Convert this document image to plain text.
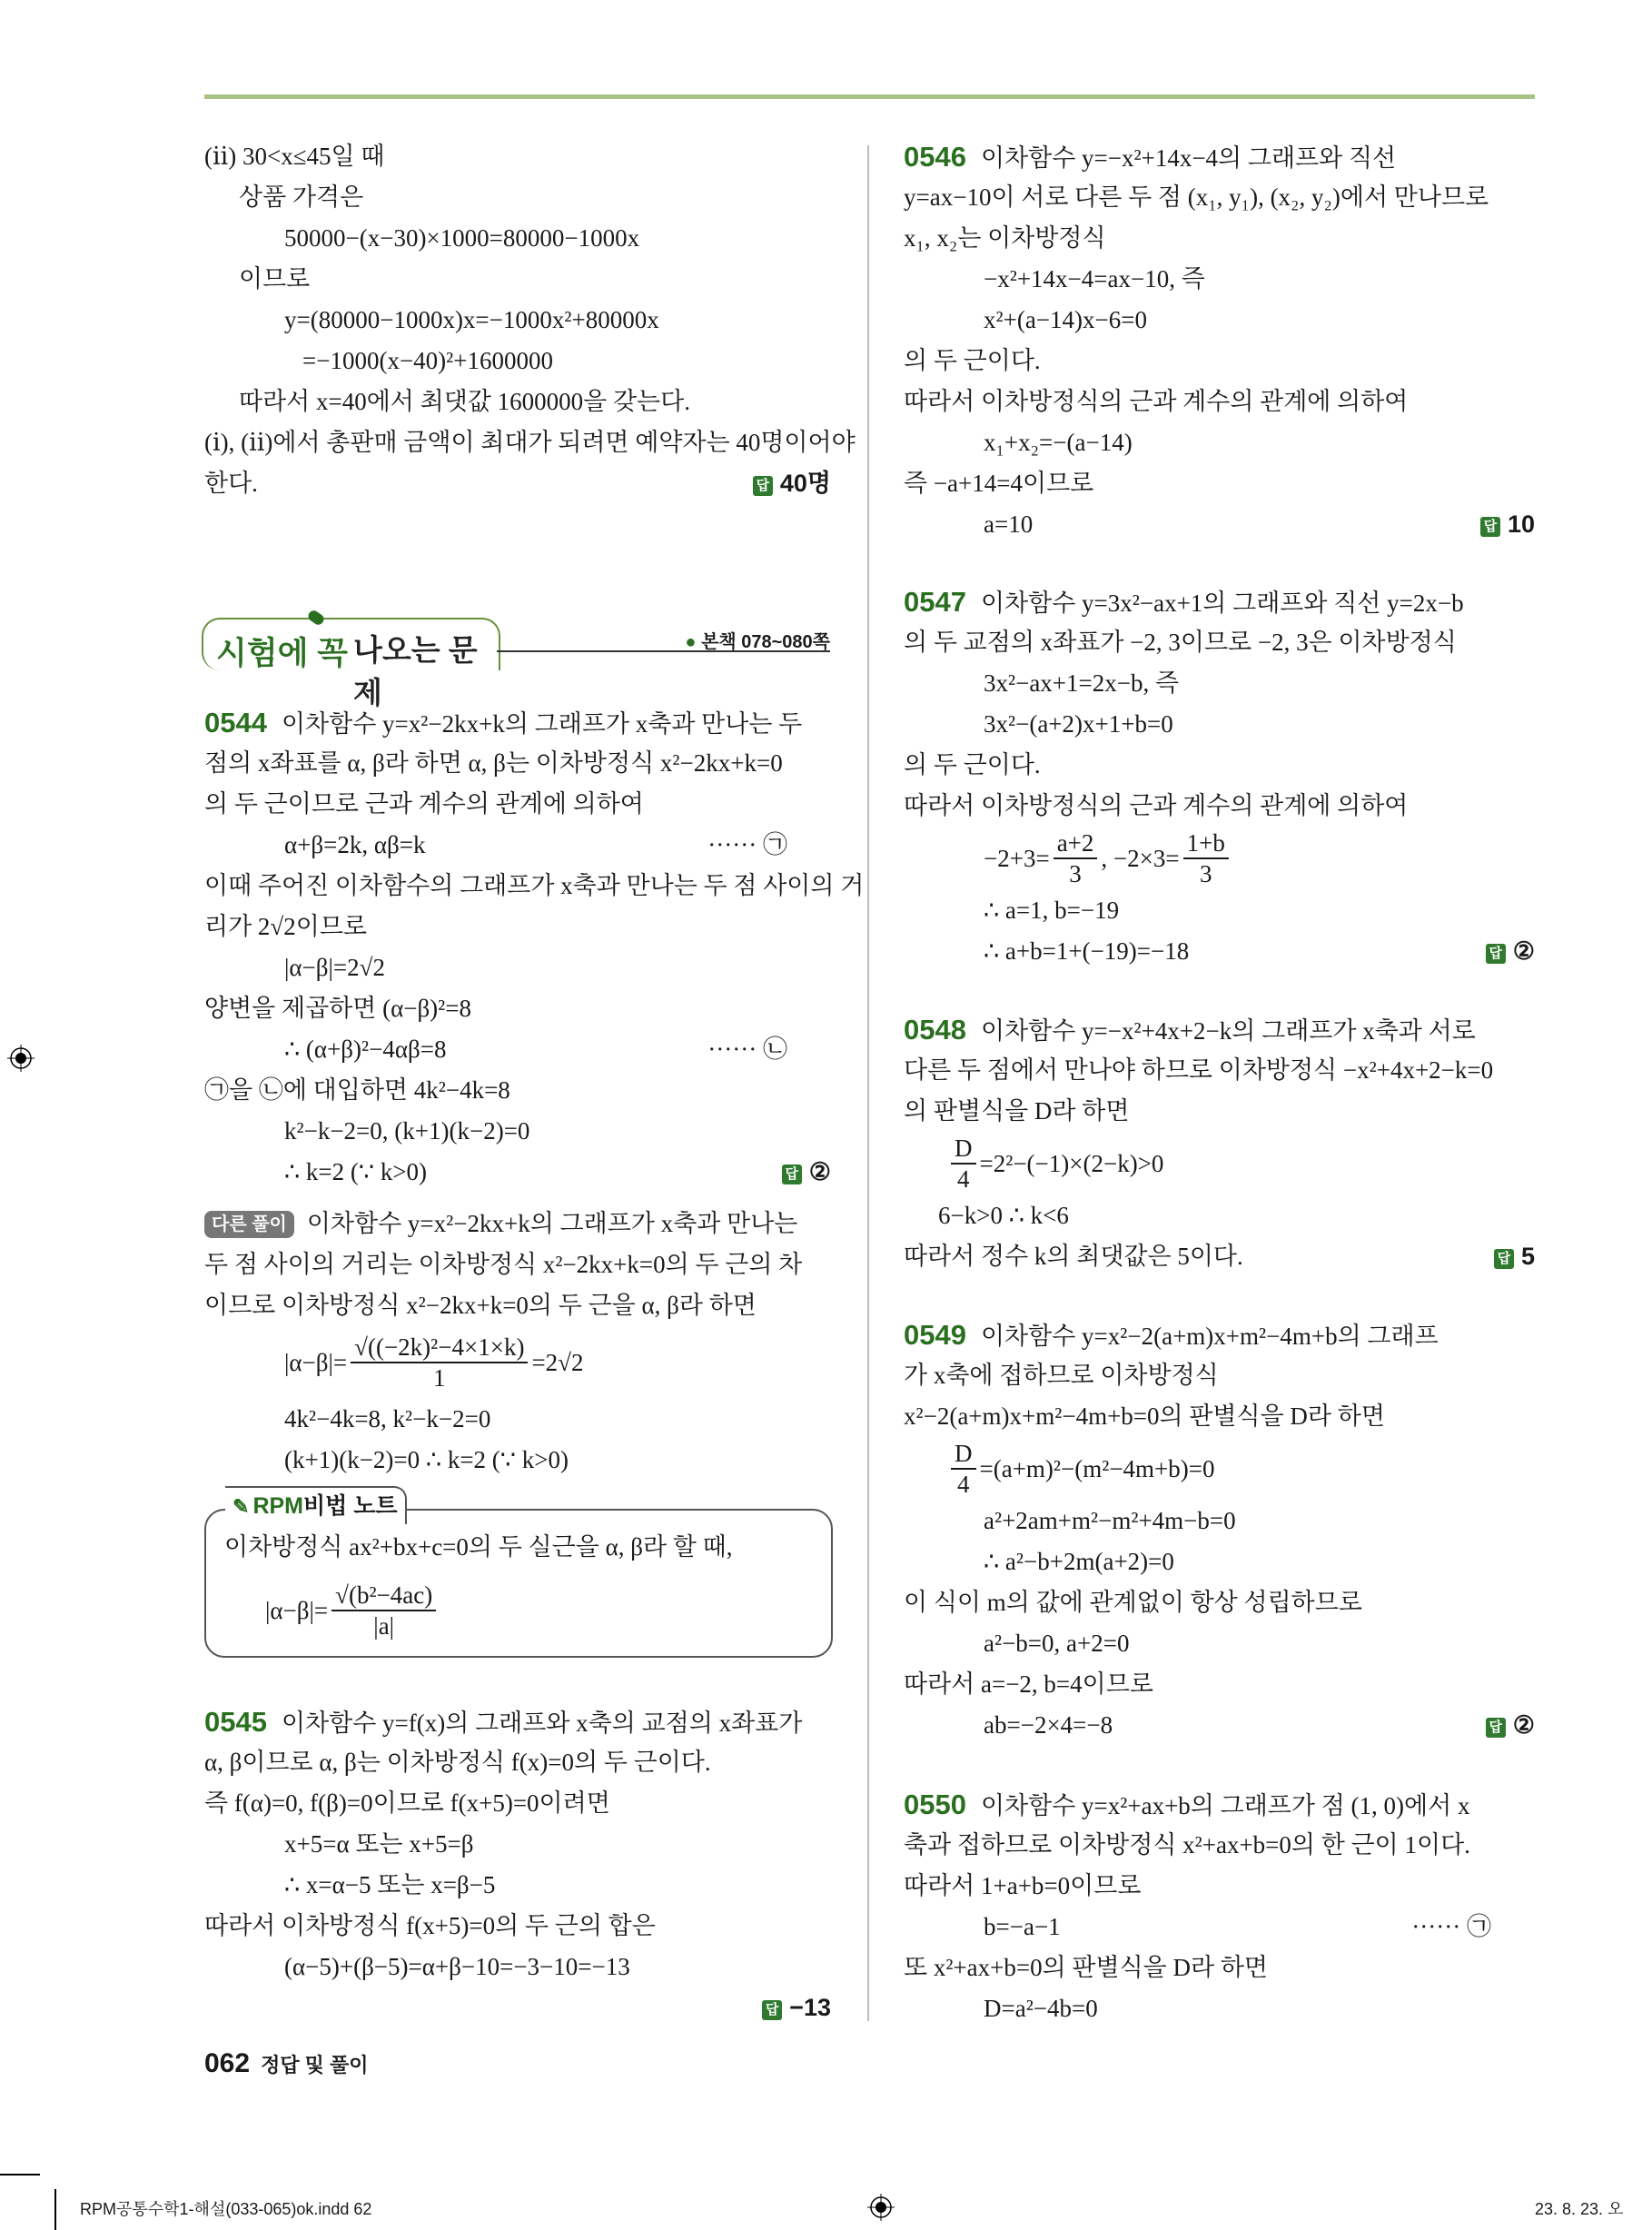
(ⅱ) 30<x≤45일 때
상품 가격은
50000−(x−30)×1000=80000−1000x
이므로
y=(80000−1000x)x=−1000x²+80000x
=−1000(x−40)²+1600000
따라서 x=40에서 최댓값 1600000을 갖는다.
(ⅰ), (ⅱ)에서 총판매 금액이 최대가 되려면 예약자는 40명이어야
한다.	답 40명
시험에 꼭 나오는 문제
● 본책 078~080쪽
0544 이차함수 y=x²−2kx+k의 그래프가 x축과 만나는 두
점의 x좌표를 α, β라 하면 α, β는 이차방정식 x²−2kx+k=0
의 두 근이므로 근과 계수의 관계에 의하여
α+β=2k, αβ=k	······ ㉠
이때 주어진 이차함수의 그래프가 x축과 만나는 두 점 사이의 거
리가 2√2이므로
|α−β|=2√2
양변을 제곱하면 (α−β)²=8
∴ (α+β)²−4αβ=8	······ ㉡
㉠을 ㉡에 대입하면 4k²−4k=8
k²−k−2=0, (k+1)(k−2)=0
∴ k=2 (∵ k>0)	답 ②
다른 풀이 이차함수 y=x²−2kx+k의 그래프가 x축과 만나는
두 점 사이의 거리는 이차방정식 x²−2kx+k=0의 두 근의 차
이므로 이차방정식 x²−2kx+k=0의 두 근을 α, β라 하면
$|\alpha-\beta|= \frac{\text{√((−2k)²−4×1×k)}}{1} =2√2$
4k²−4k=8, k²−k−2=0
(k+1)(k−2)=0 ∴ k=2 (∵ k>0)
이차방정식 ax²+bx+c=0의 두 실근을 α, β라 할 때,
$|\alpha-\beta|= \frac{\text{√(b²−4ac)}}{|a|}$
✎ RPM비법 노트
0545 이차함수 y=f(x)의 그래프와 x축의 교점의 x좌표가
α, β이므로 α, β는 이차방정식 f(x)=0의 두 근이다.
즉 f(α)=0, f(β)=0이므로 f(x+5)=0이려면
x+5=α 또는 x+5=β
∴ x=α−5 또는 x=β−5
따라서 이차방정식 f(x+5)=0의 두 근의 합은
(α−5)+(β−5)=α+β−10=−3−10=−13
답 −13
0546 이차함수 y=−x²+14x−4의 그래프와 직선
y=ax−10이 서로 다른 두 점 (x₁, y₁), (x₂, y₂)에서 만나므로
x₁, x₂는 이차방정식
−x²+14x−4=ax−10, 즉
x²+(a−14)x−6=0
의 두 근이다.
따라서 이차방정식의 근과 계수의 관계에 의하여
x₁+x₂=−(a−14)
즉 −a+14=4이므로
a=10	답 10
0547 이차함수 y=3x²−ax+1의 그래프와 직선 y=2x−b
의 두 교점의 x좌표가 −2, 3이므로 −2, 3은 이차방정식
3x²−ax+1=2x−b, 즉
3x²−(a+2)x+1+b=0
의 두 근이다.
따라서 이차방정식의 근과 계수의 관계에 의하여
$-2+3= \frac{a+2}{3}$ , $-2\times 3= \frac{1+b}{3}$
∴ a=1, b=−19
∴ a+b=1+(−19)=−18	답 ②
0548 이차함수 y=−x²+4x+2−k의 그래프가 x축과 서로
다른 두 점에서 만나야 하므로 이차방정식 −x²+4x+2−k=0
의 판별식을 D라 하면
$\frac{D}{4} =2^2-(-1)\times(2-k)>0$
6−k>0 ∴ k<6
따라서 정수 k의 최댓값은 5이다.	답 5
0549 이차함수 y=x²−2(a+m)x+m²−4m+b의 그래프
가 x축에 접하므로 이차방정식
x²−2(a+m)x+m²−4m+b=0의 판별식을 D라 하면
$\frac{D}{4} =(a+m)^2-(m^2-4m+b)=0$
a²+2am+m²−m²+4m−b=0
∴ a²−b+2m(a+2)=0
이 식이 m의 값에 관계없이 항상 성립하므로
a²−b=0, a+2=0
따라서 a=−2, b=4이므로
ab=−2×4=−8	답 ②
0550 이차함수 y=x²+ax+b의 그래프가 점 (1, 0)에서 x
축과 접하므로 이차방정식 x²+ax+b=0의 한 근이 1이다.
따라서 1+a+b=0이므로
b=−a−1	······ ㉠
또 x²+ax+b=0의 판별식을 D라 하면
D=a²−4b=0
062 정답 및 풀이
RPM공통수학1-해설(033-065)ok.indd 62	23. 8. 23. 오
